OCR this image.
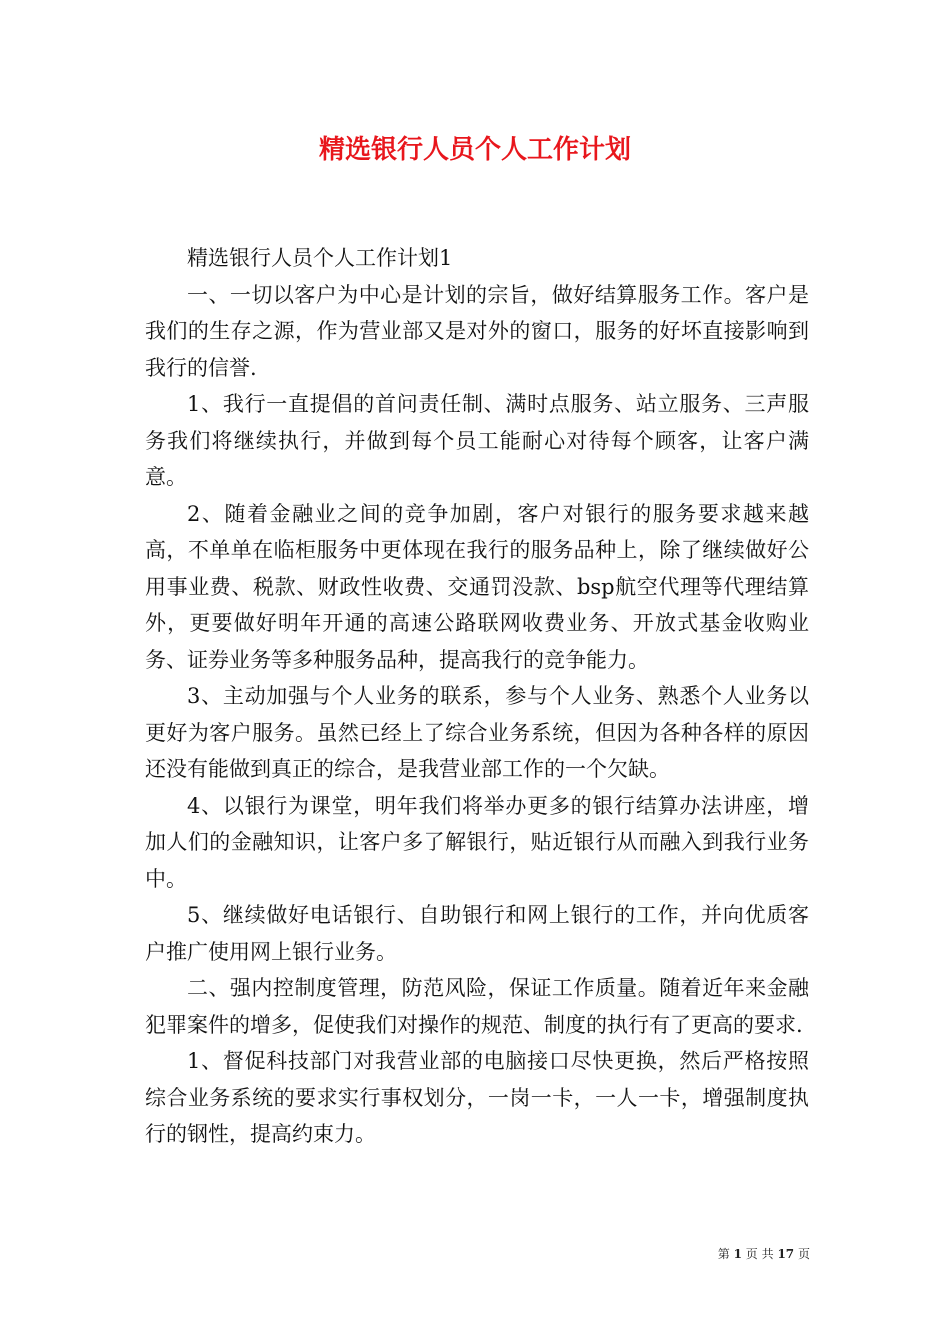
精选银行人员个人工作计划

精选银行人员个人工作计划1

一、一切以客户为中心是计划的宗旨，做好结算服务工作。客户是我们的生存之源，作为营业部又是对外的窗口，服务的好坏直接影响到我行的信誉.

1、我行一直提倡的首问责任制、满时点服务、站立服务、三声服务我们将继续执行，并做到每个员工能耐心对待每个顾客，让客户满意。

2、随着金融业之间的竞争加剧，客户对银行的服务要求越来越高，不单单在临柜服务中更体现在我行的服务品种上，除了继续做好公用事业费、税款、财政性收费、交通罚没款、bsp航空代理等代理结算外，更要做好明年开通的高速公路联网收费业务、开放式基金收购业务、证券业务等多种服务品种，提高我行的竞争能力。

3、主动加强与个人业务的联系，参与个人业务、熟悉个人业务以更好为客户服务。虽然已经上了综合业务系统，但因为各种各样的原因还没有能做到真正的综合，是我营业部工作的一个欠缺。

4、以银行为课堂，明年我们将举办更多的银行结算办法讲座，增加人们的金融知识，让客户多了解银行，贴近银行从而融入到我行业务中。

5、继续做好电话银行、自助银行和网上银行的工作，并向优质客户推广使用网上银行业务。

二、强内控制度管理，防范风险，保证工作质量。随着近年来金融犯罪案件的增多，促使我们对操作的规范、制度的执行有了更高的要求.

1、督促科技部门对我营业部的电脑接口尽快更换，然后严格按照综合业务系统的要求实行事权划分，一岗一卡，一人一卡，增强制度执行的钢性，提高约束力。

第 1 页 共 17 页
